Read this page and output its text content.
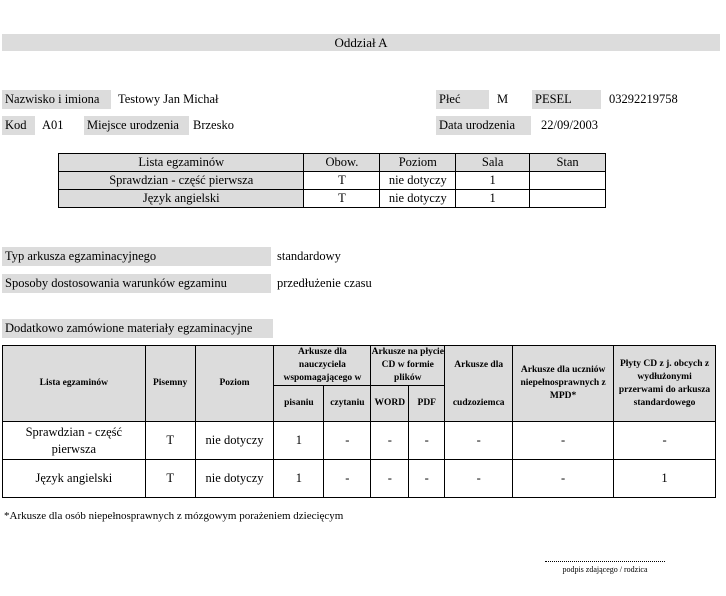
Oddział A
Nazwisko i imiona	Testowy Jan Michał	Płeć	M PESEL	03292219758
Kod	A01 Miejsce urodzenia	Brzesko	Data urodzenia	22/09/2003
Lista egzaminów	Obow.	Poziom	Sala	Stan
Sprawdzian - część pierwsza	T	nie dotyczy	1	
Język angielski	T	nie dotyczy	1	
Typ arkusza egzaminacyjnego	standardowy
Sposoby dostosowania warunków egzaminu	przedłużenie czasu
Dodatkowo zamówione materiały egzaminacyjne
Lista egzaminów	Pisemny	Poziom	Arkusze dla nauczyciela wspomagającego w		Arkusze na płycie CD w formie plików		Arkusze dla	Arkusze dla uczniów niepełnosprawnych z MPD*	Płyty CD z j. obcych z wydłużonymi przerwami do arkusza standardowego
			pisaniu	czytaniu	WORD	PDF	cudzoziemca		
Sprawdzian - część pierwsza	T	nie dotyczy	1	-	-	-	-	-	-
Język angielski	T	nie dotyczy	1	-	-	-	-	-	1
*Arkusze dla osób niepełnosprawnych z mózgowym porażeniem dziecięcym
podpis zdającego / rodzica
